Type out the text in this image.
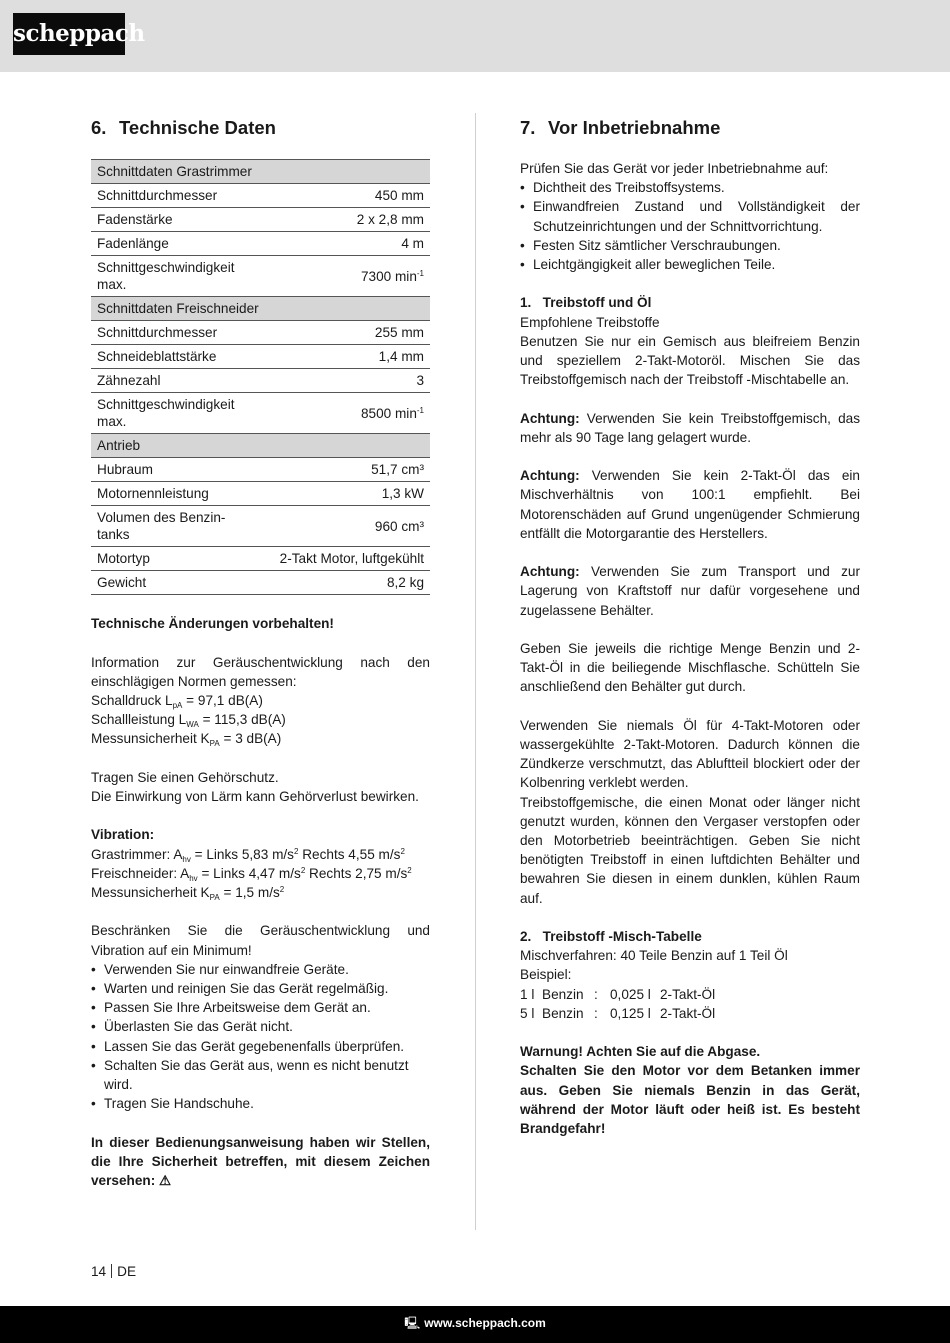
scheppach
6. Technische Daten
Schnittdaten Grastrimmer	
Schnittdurchmesser	450 mm
Fadenstärke	2 x 2,8 mm
Fadenlänge	4 m
Schnittgeschwindigkeit max.	7300 $\min^{-1}$
Schnittdaten Freischneider	
Schnittdurchmesser	255 mm
Schneideblattstärke	1,4 mm
Zähnezahl	3
Schnittgeschwindigkeit max.	8500 $\min^{-1}$
Antrieb	
Hubraum	51,7 cm³
Motornennleistung	1,3 kW
Volumen des Benzin-tanks	960 cm³
Motortyp	2-Takt Motor, luftgekühlt
Gewicht	8,2 kg

Technische Änderungen vorbehalten!

Information zur Geräuschentwicklung nach den einschlägigen Normen gemessen:

Schalldruck $L_{pA} = 97,1$ dB(A)

Schallleistung $L_{WA} = 115,3$ dB(A)

Messunsicherheit $K_{PA} = 3$ dB(A)

Tragen Sie einen Gehörschutz.

Die Einwirkung von Lärm kann Gehörverlust bewirken.

Vibration:

Grastrimmer: $A_{hv}$ = Links 5,83 $m/s^2$ Rechts 4,55 $m/s^2$

Freischneider: $A_{hv}$ = Links 4,47 $m/s^2$ Rechts 2,75 $m/s^2$

Messunsicherheit $K_{PA} = 1,5$ $m/s^2$

Beschränken Sie die Geräuschentwicklung und Vibration auf ein Minimum!

• Verwenden Sie nur einwandfreie Geräte.
• Warten und reinigen Sie das Gerät regelmäßig.
• Passen Sie Ihre Arbeitsweise dem Gerät an.
• Überlasten Sie das Gerät nicht.
• Lassen Sie das Gerät gegebenenfalls überprüfen.
• Schalten Sie das Gerät aus, wenn es nicht benutzt wird.
• Tragen Sie Handschuhe.

In dieser Bedienungsanweisung haben wir Stellen, die Ihre Sicherheit betreffen, mit diesem Zeichen versehen: ⚠

7. Vor Inbetriebnahme

Prüfen Sie das Gerät vor jeder Inbetriebnahme auf:

• Dichtheit des Treibstoffsystems.
• Einwandfreien Zustand und Vollständigkeit der Schutzeinrichtungen und der Schnittvorrichtung.
• Festen Sitz sämtlicher Verschraubungen.
• Leichtgängigkeit aller beweglichen Teile.

1.   Treibstoff und Öl

Empfohlene Treibstoffe

Benutzen Sie nur ein Gemisch aus bleifreiem Benzin und speziellem 2-Takt-Motoröl. Mischen Sie das Treibstoffgemisch nach der Treibstoff -Mischtabelle an.

Achtung: Verwenden Sie kein Treibstoffgemisch, das mehr als 90 Tage lang gelagert wurde.

Achtung: Verwenden Sie kein 2-Takt-Öl das ein Mischverhältnis von 100:1 empfiehlt. Bei Motorenschäden auf Grund ungenügender Schmierung entfällt die Motorgarantie des Herstellers.

Achtung: Verwenden Sie zum Transport und zur Lagerung von Kraftstoff nur dafür vorgesehene und zugelassene Behälter.

Geben Sie jeweils die richtige Menge Benzin und 2-Takt-Öl in die beiliegende Mischflasche. Schütteln Sie anschließend den Behälter gut durch.

Verwenden Sie niemals Öl für 4-Takt-Motoren oder wassergekühlte 2-Takt-Motoren. Dadurch können die Zündkerze verschmutzt, das Abluftteil blockiert oder der Kolbenring verklebt werden.

Treibstoffgemische, die einen Monat oder länger nicht genutzt wurden, können den Vergaser verstopfen oder den Motorbetrieb beeinträchtigen. Geben Sie nicht benötigten Treibstoff in einen luftdichten Behälter und bewahren Sie diesen in einem dunklen, kühlen Raum auf.

2.   Treibstoff -Misch-Tabelle

Mischverfahren: 40 Teile Benzin auf 1 Teil Öl

Beispiel:

1 l	Benzin	:	0,025 l	2-Takt-Öl
5 l	Benzin	:	0,125 l	2-Takt-Öl

Warnung! Achten Sie auf die Abgase.

Schalten Sie den Motor vor dem Betanken immer aus. Geben Sie niemals Benzin in das Gerät, während der Motor läuft oder heiß ist. Es besteht Brandgefahr!

14 DE
🖳 www.scheppach.com
